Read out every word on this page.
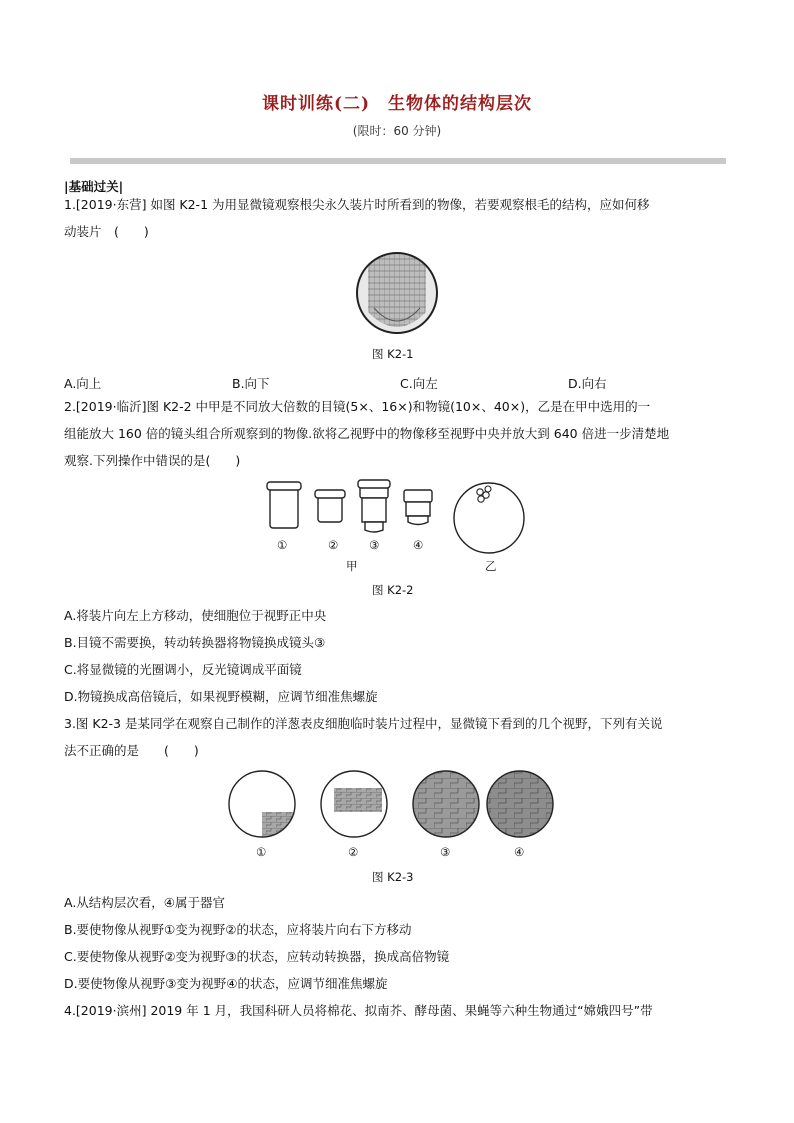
课时训练(二)　生物体的结构层次
(限时：60 分钟)
|基础过关|
1.[2019·东营] 如图 K2-1 为用显微镜观察根尖永久装片时所看到的物像，若要观察根毛的结构，应如何移
动装片　(　　)
图 K2-1
A.向上	B.向下	C.向左	D.向右
2.[2019·临沂]图 K2-2 中甲是不同放大倍数的目镜(5×、16×)和物镜(10×、40×)，乙是在甲中选用的一
组能放大 160 倍的镜头组合所观察到的物像.欲将乙视野中的物像移至视野中央并放大到 640 倍进一步清楚地
观察.下列操作中错误的是(　　)
①	②	③	④
甲	乙
图 K2-2
A.将装片向左上方移动，使细胞位于视野正中央
B.目镜不需要换，转动转换器将物镜换成镜头③
C.将显微镜的光圈调小，反光镜调成平面镜
D.物镜换成高倍镜后，如果视野模糊，应调节细准焦螺旋
3.图 K2-3 是某同学在观察自己制作的洋葱表皮细胞临时装片过程中，显微镜下看到的几个视野，下列有关说
法不正确的是　　(　　)
①	②	③	④
图 K2-3
A.从结构层次看，④属于器官
B.要使物像从视野①变为视野②的状态，应将装片向右下方移动
C.要使物像从视野②变为视野③的状态，应转动转换器，换成高倍物镜
D.要使物像从视野③变为视野④的状态，应调节细准焦螺旋
4.[2019·滨州] 2019 年 1 月，我国科研人员将棉花、拟南芥、酵母菌、果蝇等六种生物通过“嫦娥四号”带
